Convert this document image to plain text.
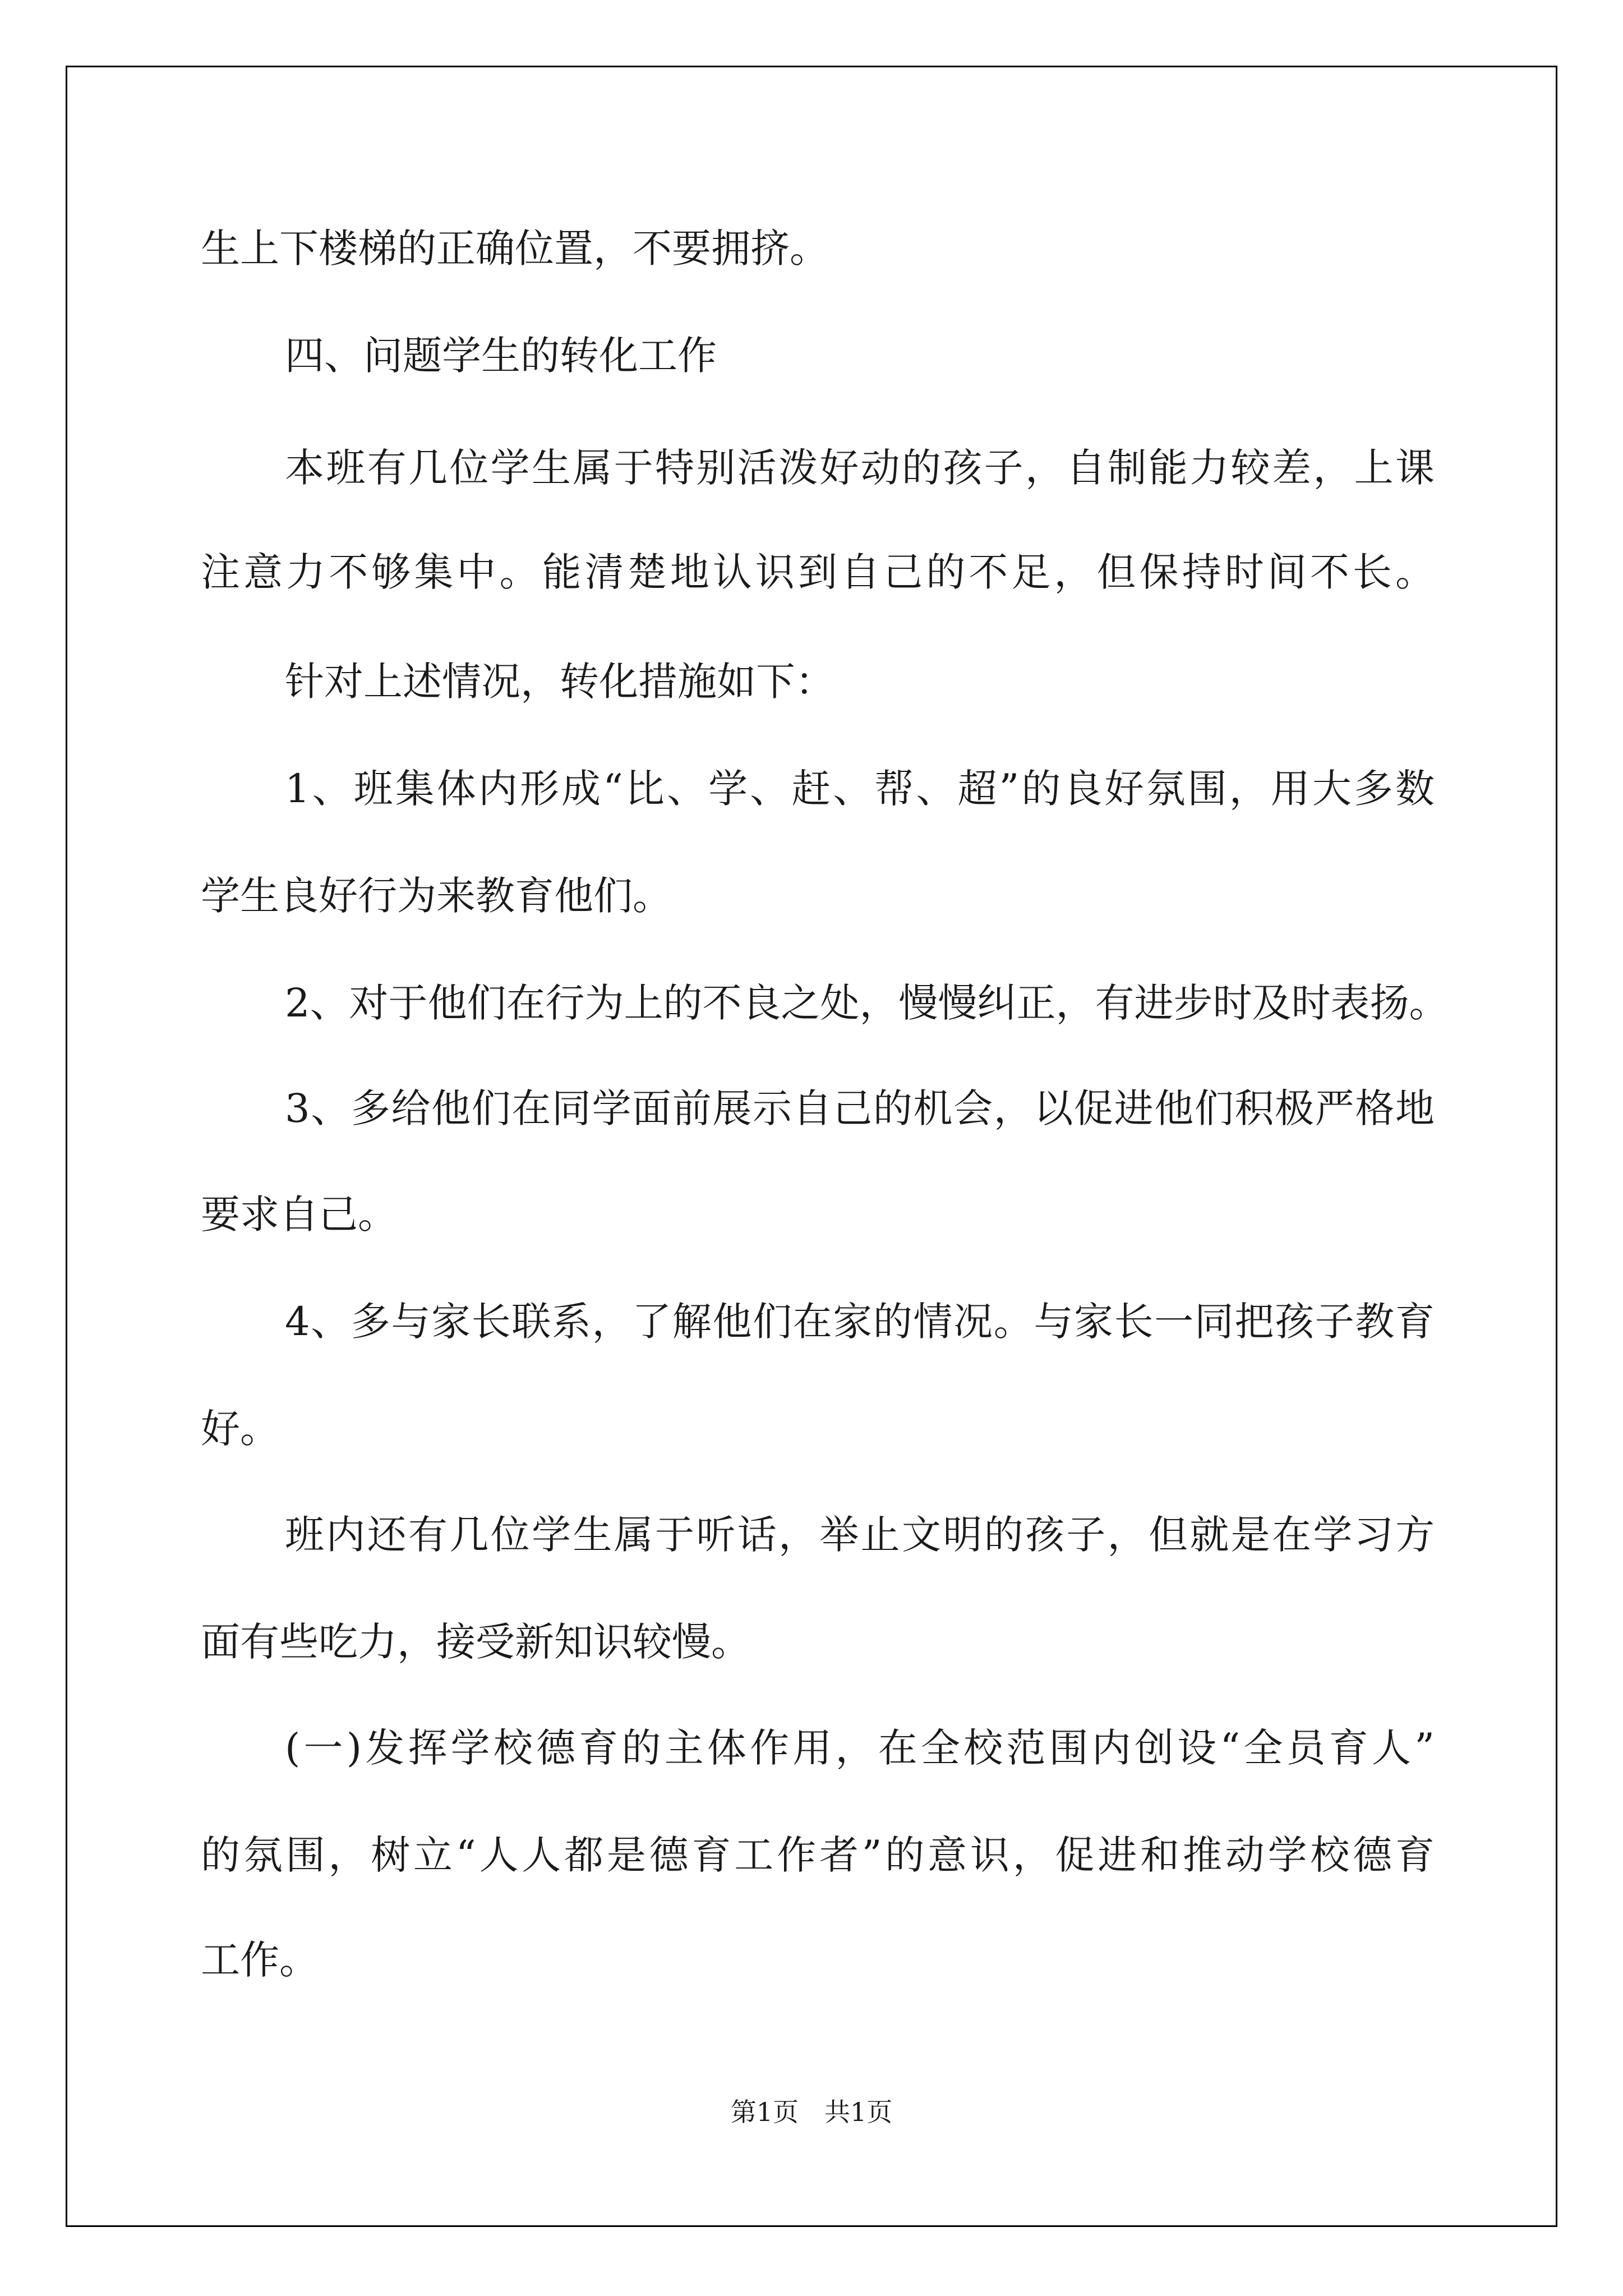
生上下楼梯的正确位置，不要拥挤。
四、问题学生的转化工作
本班有几位学生属于特别活泼好动的孩子，自制能力较差，上课
注意力不够集中。能清楚地认识到自己的不足，但保持时间不长。
针对上述情况，转化措施如下：
1、班集体内形成“比、学、赶、帮、超”的良好氛围，用大多数
学生良好行为来教育他们。
2、对于他们在行为上的不良之处，慢慢纠正，有进步时及时表扬。
3、多给他们在同学面前展示自己的机会，以促进他们积极严格地
要求自己。
4、多与家长联系，了解他们在家的情况。与家长一同把孩子教育
好。
班内还有几位学生属于听话，举止文明的孩子，但就是在学习方
面有些吃力，接受新知识较慢。
(一)发挥学校德育的主体作用，在全校范围内创设“全员育人”
的氛围，树立“人人都是德育工作者”的意识，促进和推动学校德育
工作。
第1页　共1页
